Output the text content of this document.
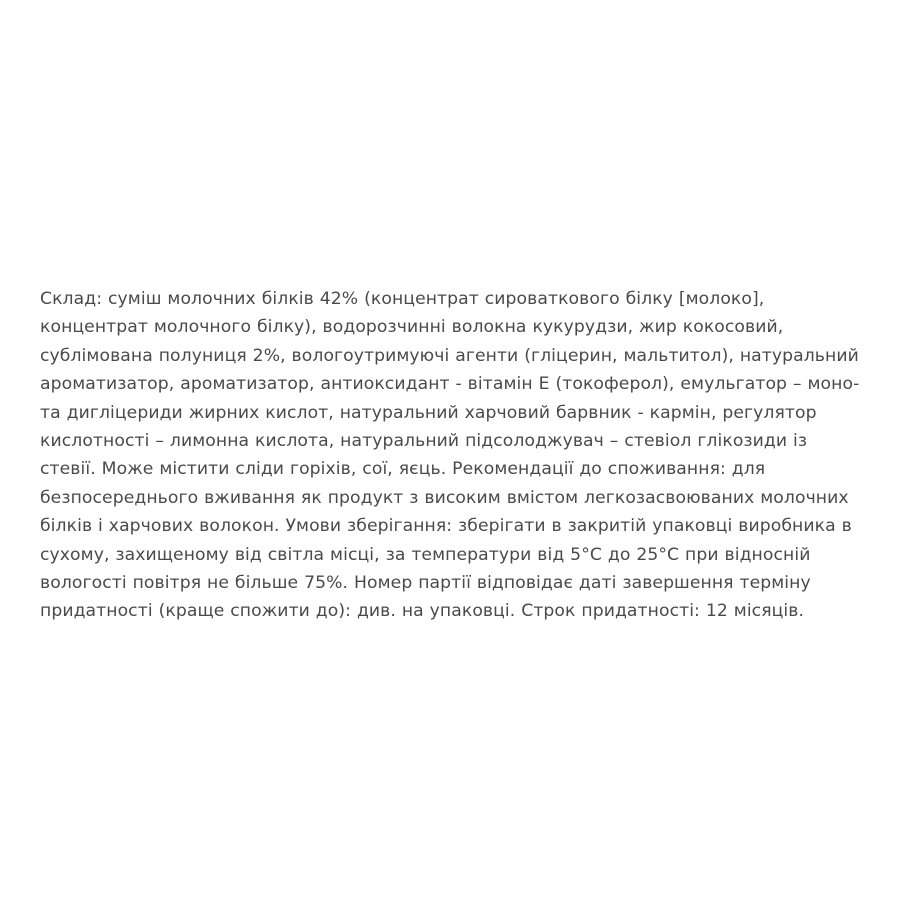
Склад: суміш молочних білків 42% (концентрат сироваткового білку [молоко], концентрат молочного білку), водорозчинні волокна кукурудзи, жир кокосовий, сублімована полуниця 2%, вологоутримуючі агенти (гліцерин, мальтитол), натуральний ароматизатор, ароматизатор, антиоксидант - вітамін Е (токоферол), емульгатор – моно- та дигліцериди жирних кислот, натуральний харчовий барвник - кармін, регулятор кислотності – лимонна кислота, натуральний підсолоджувач – стевіол глікозиди із стевії. Може містити сліди горіхів, сої, яєць. Рекомендації до споживання: для безпосереднього вживання як продукт з високим вмістом легкозасвоюваних молочних білків і харчових волокон. Умови зберігання: зберігати в закритій упаковці виробника в сухому, захищеному від світла місці, за температури від 5°C до 25°C при відносній вологості повітря не більше 75%. Номер партії відповідає даті завершення терміну придатності (краще спожити до): див. на упаковці. Строк придатності: 12 місяців.
